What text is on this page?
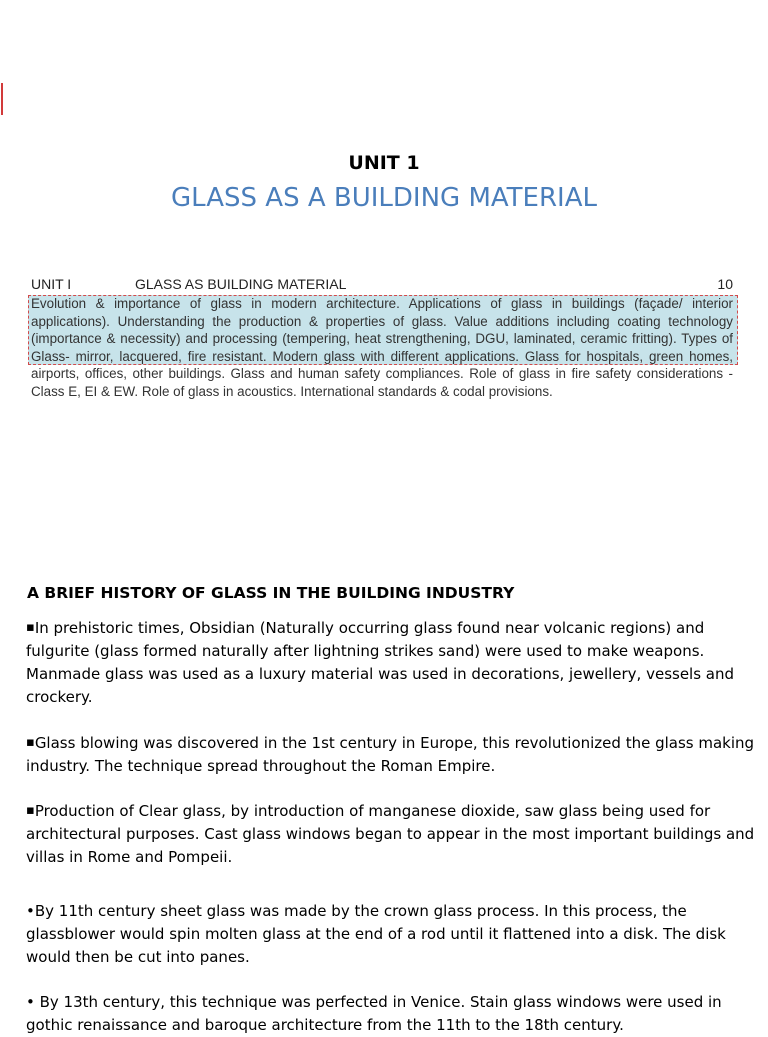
UNIT 1
GLASS AS A BUILDING MATERIAL
UNIT I	GLASS AS BUILDING MATERIAL	10
Evolution & importance of glass in modern architecture. Applications of glass in buildings (façade/ interior applications). Understanding the production & properties of glass. Value additions including coating technology (importance & necessity) and processing (tempering, heat strengthening, DGU, laminated, ceramic fritting). Types of Glass- mirror, lacquered, fire resistant. Modern glass with different applications. Glass for hospitals, green homes, airports, offices, other buildings. Glass and human safety compliances. Role of glass in fire safety considerations - Class E, EI & EW. Role of glass in acoustics. International standards & codal provisions.
A BRIEF HISTORY OF GLASS IN THE BUILDING INDUSTRY
▪In prehistoric times, Obsidian (Naturally occurring glass found near volcanic regions) and fulgurite (glass formed naturally after lightning strikes sand) were used to make weapons. Manmade glass was used as a luxury material was used in decorations, jewellery, vessels and crockery.
▪Glass blowing was discovered in the 1st century in Europe, this revolutionized the glass making industry. The technique spread throughout the Roman Empire.
▪Production of Clear glass, by introduction of manganese dioxide, saw glass being used for architectural purposes. Cast glass windows began to appear in the most important buildings and villas in Rome and Pompeii.
•By 11th century sheet glass was made by the crown glass process. In this process, the glassblower would spin molten glass at the end of a rod until it flattened into a disk. The disk would then be cut into panes.
• By 13th century, this technique was perfected in Venice. Stain glass windows were used in gothic renaissance and baroque architecture from the 11th to the 18th century.
